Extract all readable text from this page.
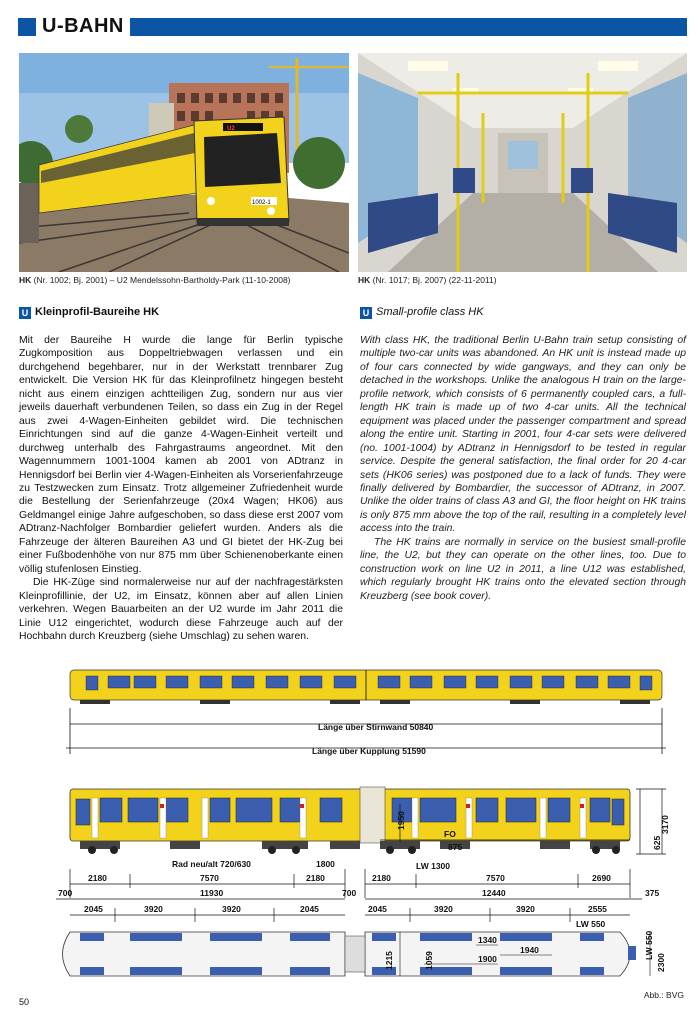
U-BAHN
U2
1002-1
HK (Nr. 1002; Bj. 2001) – U2 Mendelssohn-Bartholdy-Park (11-10-2008)	HK (Nr. 1017; Bj. 2007) (22-11-2011)
U Kleinprofil-Baureihe HK	U Small-profile class HK

Mit der Baureihe H wurde die lange für Berlin typische Zugkomposition aus Doppeltriebwagen verlassen und ein durchgehend begehbarer, nur in der Werkstatt trennbarer Zug entwickelt. Die Version HK für das Kleinprofilnetz hingegen besteht nicht aus einem einzigen achtteiligen Zug, sondern nur aus vier jeweils dauerhaft verbundenen Teilen, so dass ein Zug in der Regel aus zwei 4-Wagen-Einheiten gebildet wird. Die technischen Einrichtungen sind auf die ganze 4-Wagen-Einheit verteilt und durchweg unterhalb des Fahrgastraums angeordnet. Mit den Wagennummern 1001-1004 kamen ab 2001 von ADtranz in Hennigsdorf bei Berlin vier 4-Wagen-Einheiten als Vorserienfahrzeuge zu Testzwecken zum Einsatz. Trotz allgemeiner Zufriedenheit wurde die Bestellung der Serienfahrzeuge (20x4 Wagen; HK06) aus Geldmangel einige Jahre aufgeschoben, so dass diese erst 2007 vom ADtranz-Nachfolger Bombardier geliefert wurden. Anders als die Fahrzeuge der älteren Baureihen A3 und GI bietet der HK-Zug bei einer Fußbodenhöhe von nur 875 mm über Schienenoberkante einen völlig stufenlosen Einstieg.

Die HK-Züge sind normalerweise nur auf der nachfragestärksten Kleinprofillinie, der U2, im Einsatz, können aber auf allen Linien verkehren. Wegen Bauarbeiten an der U2 wurde im Jahr 2011 die Linie U12 eingerichtet, wodurch diese Fahrzeuge auch auf der Hochbahn durch Kreuzberg (siehe Umschlag) zu sehen waren.

With class HK, the traditional Berlin U-Bahn train setup consisting of multiple two-car units was abandoned. An HK unit is instead made up of four cars connected by wide gangways, and they can only be detached in the workshops. Unlike the analogous H train on the large-profile network, which consists of 6 permanently coupled cars, a full-length HK train is made up of two 4-car units. All the technical equipment was placed under the passenger compartment and spread along the entire unit. Starting in 2001, four 4-car sets were delivered (no. 1001-1004) by ADtranz in Hennigsdorf to be tested in regular service. Despite the general satisfaction, the final order for 20 4-car sets (HK06 series) was postponed due to a lack of funds. They were finally delivered by Bombardier, the successor of ADtranz, in 2007. Unlike the older trains of class A3 and GI, the floor height on HK trains is only 875 mm above the top of the rail, resulting in a completely level access into the train.

The HK trains are normally in service on the busiest small-profile line, the U2, but they can operate on the other lines, too. Due to construction work on line U2 in 2011, a line U12 was established, which regularly brought HK trains onto the elevated section through Kreuzberg (see book cover).

Länge über Stirnwand 50840
Länge über Kupplung 51590
3170
625
1950
875
FO
Rad neu/alt 720/630	1800	LW 1300
2180	7570	2180	2180	7570	2690
700	11930	700	12440	375
2045	3920	3920	2045	2045	3920	3920	2555
LW 550
1340
1940
1900
1215	1059
LW 550
2300
50
Abb.: BVG
